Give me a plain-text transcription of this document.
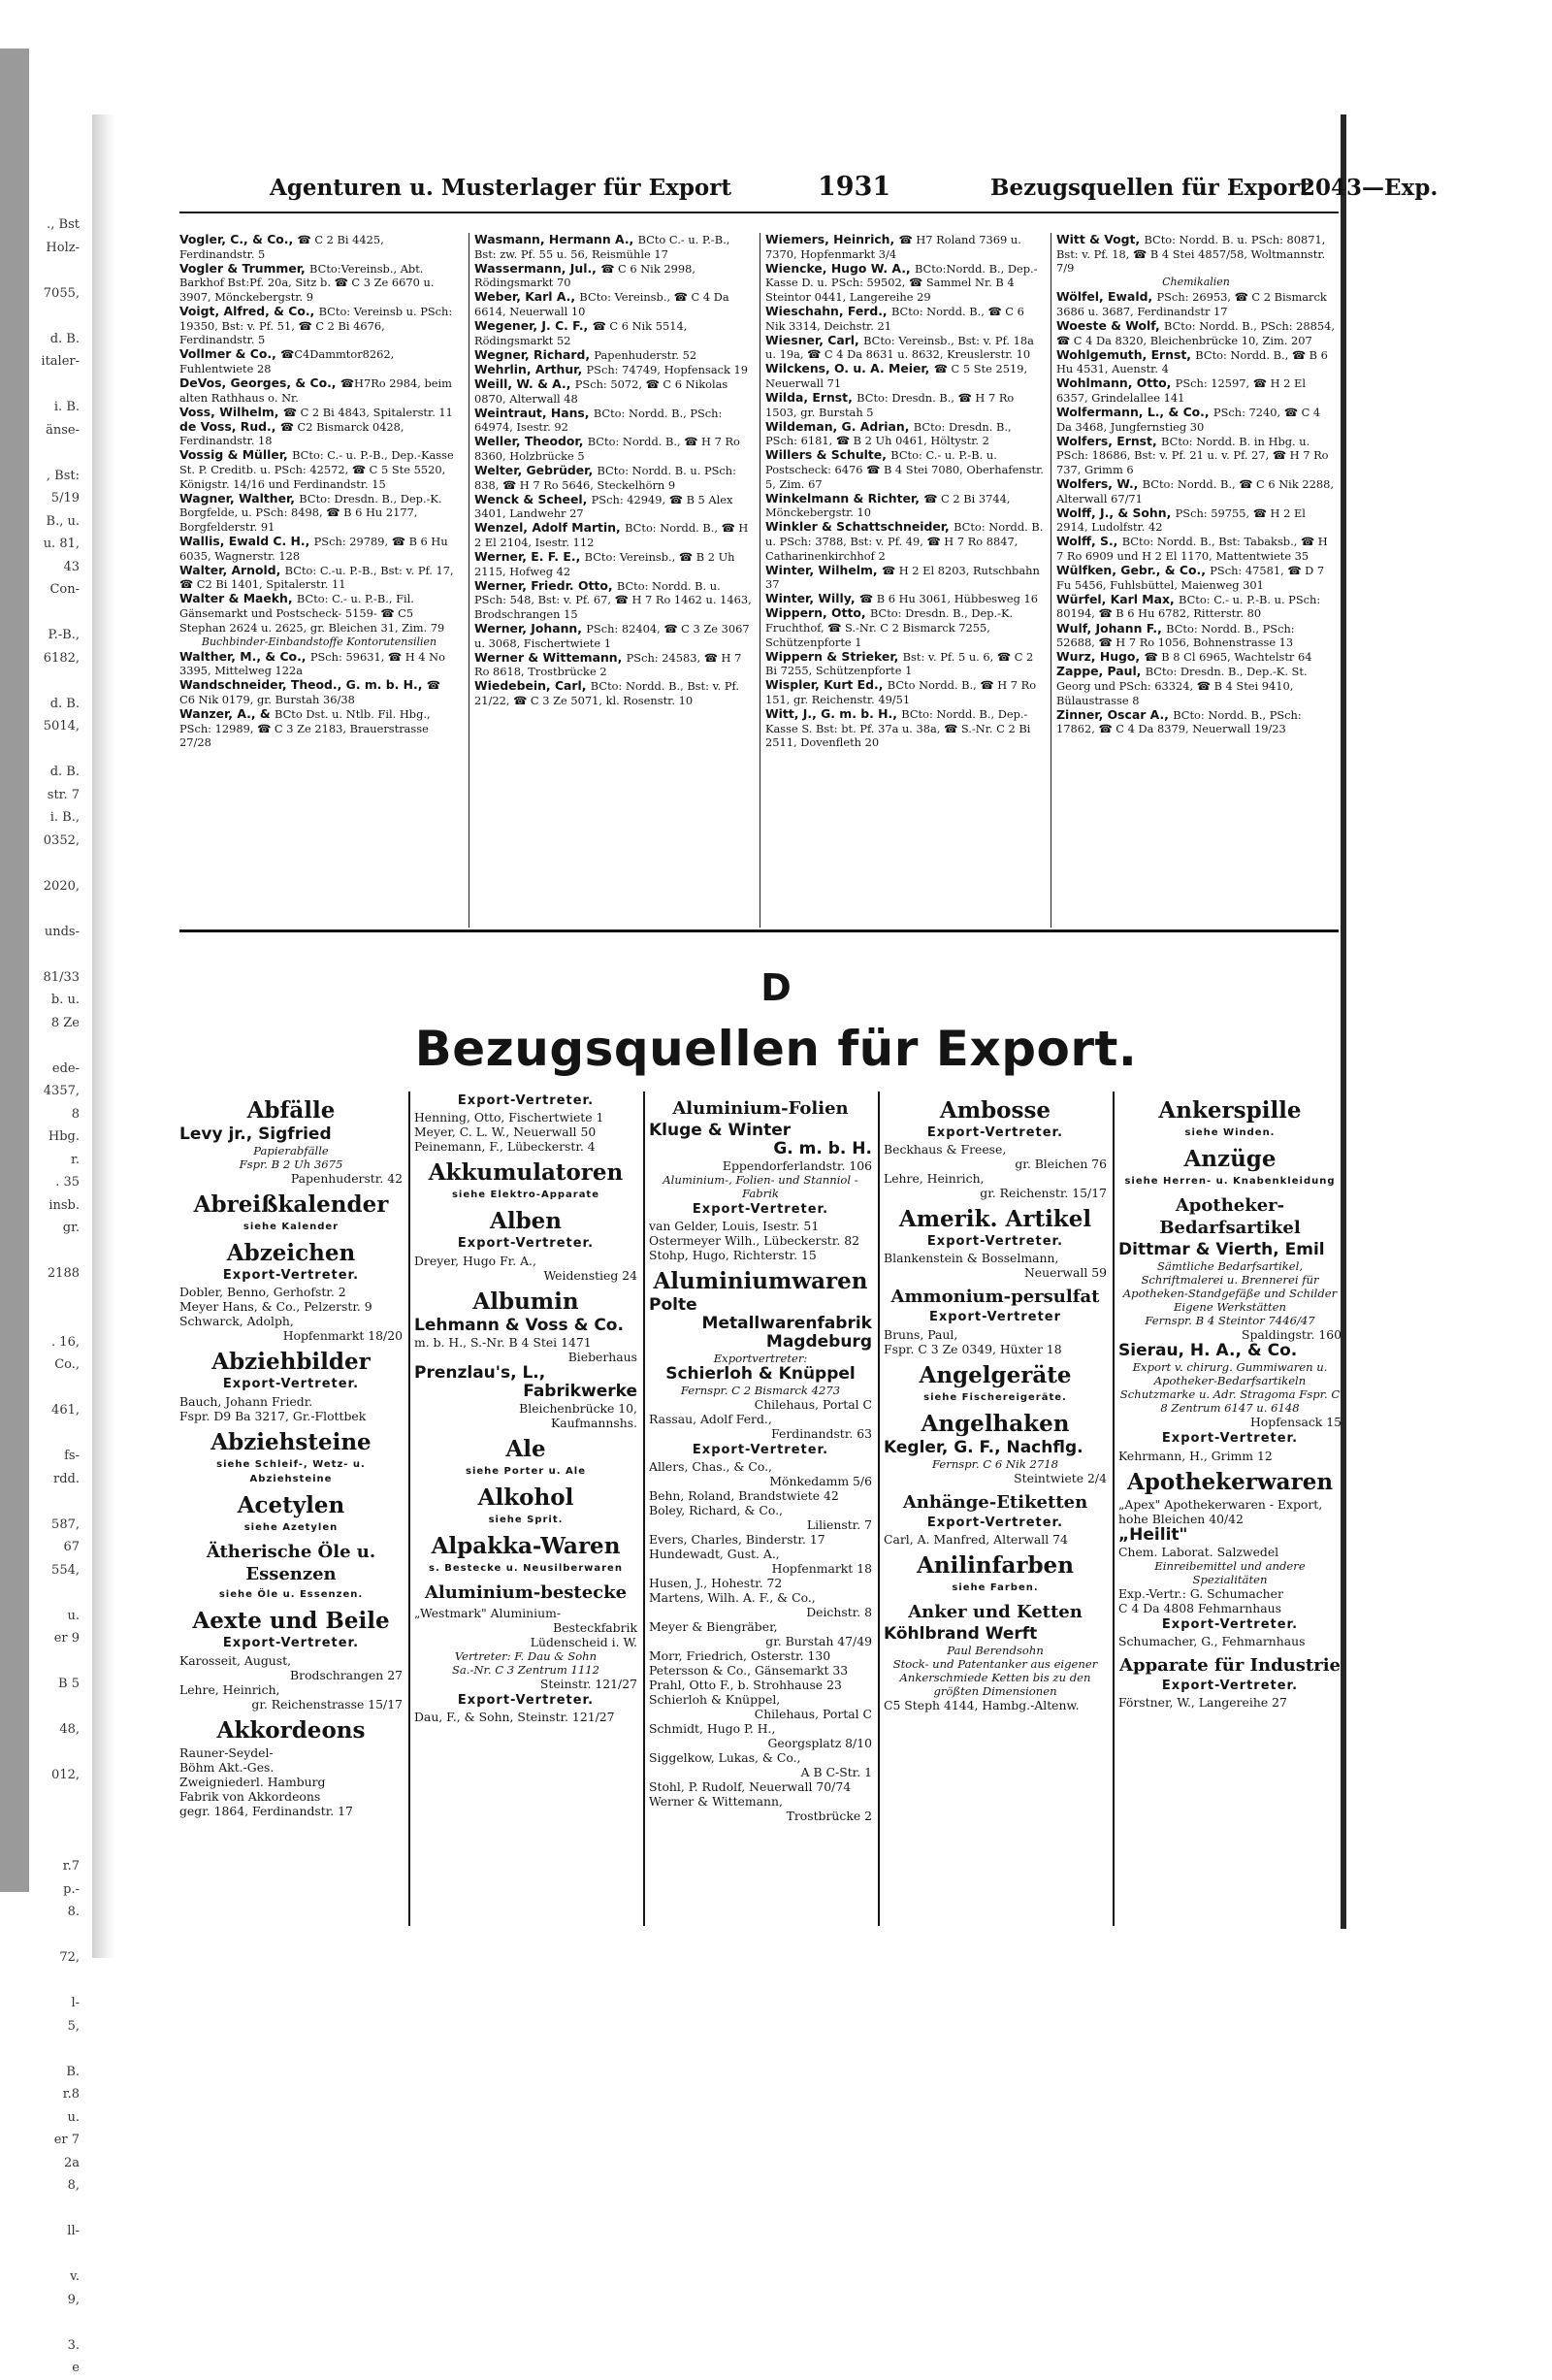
., Bst
Holz-

7055,

d. B.
italer-

i. B.
änse-

, Bst:
5/19
B., u.
u. 81,
43
Con-

P.-B.,
6182,

d. B.
5014,

d. B.
str. 7
i. B.,
0352,

2020,

unds-

81/33
b. u.
8 Ze

ede-
4357,
8
Hbg.
r.
. 35
insb.
gr.

2188

. 16,
Co.,

461,

fs-
rdd.

587,
67
554,

u.
er 9

B 5

48,

012,

r.7
p.-
8.

72,

l-
5,

B.
r.8
u.
er 7
2a
8,

ll-

v.
9,

3.
e
Agenturen u. Musterlager für Export	1931	Bezugsquellen für Export
2043—Exp.
Vogler, C., & Co., ☎ C 2 Bi 4425, Ferdinandstr. 5
Vogler & Trummer, BCto:Vereinsb., Abt. Barkhof Bst:Pf. 20a, Sitz b. ☎ C 3 Ze 6670 u. 3907, Mönckebergstr. 9
Voigt, Alfred, & Co., BCto: Vereinsb u. PSch: 19350, Bst: v. Pf. 51, ☎ C 2 Bi 4676, Ferdinandstr. 5
Vollmer & Co., ☎C4Dammtor8262, Fuhlentwiete 28
DeVos, Georges, & Co., ☎H7Ro 2984, beim alten Rathhaus o. Nr.
Voss, Wilhelm, ☎ C 2 Bi 4843, Spitalerstr. 11
de Voss, Rud., ☎ C2 Bismarck 0428, Ferdinandstr. 18
Vossig & Müller, BCto: C.- u. P.-B., Dep.-Kasse St. P. Creditb. u. PSch: 42572, ☎ C 5 Ste 5520, Königstr. 14/16 und Ferdinandstr. 15
Wagner, Walther, BCto: Dresdn. B., Dep.-K. Borgfelde, u. PSch: 8498, ☎ B 6 Hu 2177, Borgfelderstr. 91
Wallis, Ewald C. H., PSch: 29789, ☎ B 6 Hu 6035, Wagnerstr. 128
Walter, Arnold, BCto: C.-u. P.-B., Bst: v. Pf. 17, ☎ C2 Bi 1401, Spitalerstr. 11
Walter & Maekh, BCto: C.- u. P.-B., Fil. Gänsemarkt und Postscheck- 5159- ☎ C5 Stephan 2624 u. 2625, gr. Bleichen 31, Zim. 79
Buchbinder-Einbandstoffe Kontorutensilien
Walther, M., & Co., PSch: 59631, ☎ H 4 No 3395, Mittelweg 122a
Wandschneider, Theod., G. m. b. H., ☎ C6 Nik 0179, gr. Burstah 36/38
Wanzer, A., & BCto Dst. u. Ntlb. Fil. Hbg., PSch: 12989, ☎ C 3 Ze 2183, Brauerstrasse 27/28
Wasmann, Hermann A., BCto C.- u. P.-B., Bst: zw. Pf. 55 u. 56, Reismühle 17
Wassermann, Jul., ☎ C 6 Nik 2998, Rödingsmarkt 70
Weber, Karl A., BCto: Vereinsb., ☎ C 4 Da 6614, Neuerwall 10
Wegener, J. C. F., ☎ C 6 Nik 5514, Rödingsmarkt 52
Wegner, Richard, Papenhuderstr. 52
Wehrlin, Arthur, PSch: 74749, Hopfensack 19
Weill, W. & A., PSch: 5072, ☎ C 6 Nikolas 0870, Alterwall 48
Weintraut, Hans, BCto: Nordd. B., PSch: 64974, Isestr. 92
Weller, Theodor, BCto: Nordd. B., ☎ H 7 Ro 8360, Holzbrücke 5
Welter, Gebrüder, BCto: Nordd. B. u. PSch: 838, ☎ H 7 Ro 5646, Steckelhörn 9
Wenck & Scheel, PSch: 42949, ☎ B 5 Alex 3401, Landwehr 27
Wenzel, Adolf Martin, BCto: Nordd. B., ☎ H 2 El 2104, Isestr. 112
Werner, E. F. E., BCto: Vereinsb., ☎ B 2 Uh 2115, Hofweg 42
Werner, Friedr. Otto, BCto: Nordd. B. u. PSch: 548, Bst: v. Pf. 67, ☎ H 7 Ro 1462 u. 1463, Brodschrangen 15
Werner, Johann, PSch: 82404, ☎ C 3 Ze 3067 u. 3068, Fischertwiete 1
Werner & Wittemann, PSch: 24583, ☎ H 7 Ro 8618, Trostbrücke 2
Wiedebein, Carl, BCto: Nordd. B., Bst: v. Pf. 21/22, ☎ C 3 Ze 5071, kl. Rosenstr. 10
Wiemers, Heinrich, ☎ H7 Roland 7369 u. 7370, Hopfenmarkt 3/4
Wiencke, Hugo W. A., BCto:Nordd. B., Dep.-Kasse D. u. PSch: 59502, ☎ Sammel Nr. B 4 Steintor 0441, Langereihe 29
Wieschahn, Ferd., BCto: Nordd. B., ☎ C 6 Nik 3314, Deichstr. 21
Wiesner, Carl, BCto: Vereinsb., Bst: v. Pf. 18a u. 19a, ☎ C 4 Da 8631 u. 8632, Kreuslerstr. 10
Wilckens, O. u. A. Meier, ☎ C 5 Ste 2519, Neuerwall 71
Wilda, Ernst, BCto: Dresdn. B., ☎ H 7 Ro 1503, gr. Burstah 5
Wildeman, G. Adrian, BCto: Dresdn. B., PSch: 6181, ☎ B 2 Uh 0461, Höltystr. 2
Willers & Schulte, BCto: C.- u. P.-B. u. Postscheck: 6476 ☎ B 4 Stei 7080, Oberhafenstr. 5, Zim. 67
Winkelmann & Richter, ☎ C 2 Bi 3744, Mönckebergstr. 10
Winkler & Schattschneider, BCto: Nordd. B. u. PSch: 3788, Bst: v. Pf. 49, ☎ H 7 Ro 8847, Catharinenkirchhof 2
Winter, Wilhelm, ☎ H 2 El 8203, Rutschbahn 37
Winter, Willy, ☎ B 6 Hu 3061, Hübbesweg 16
Wippern, Otto, BCto: Dresdn. B., Dep.-K. Fruchthof, ☎ S.-Nr. C 2 Bismarck 7255, Schützenpforte 1
Wippern & Strieker, Bst: v. Pf. 5 u. 6, ☎ C 2 Bi 7255, Schützenpforte 1
Wispler, Kurt Ed., BCto Nordd. B., ☎ H 7 Ro 151, gr. Reichenstr. 49/51
Witt, J., G. m. b. H., BCto: Nordd. B., Dep.-Kasse S. Bst: bt. Pf. 37a u. 38a, ☎ S.-Nr. C 2 Bi 2511, Dovenfleth 20
Witt & Vogt, BCto: Nordd. B. u. PSch: 80871, Bst: v. Pf. 18, ☎ B 4 Stei 4857/58, Woltmannstr. 7/9
Chemikalien
Wölfel, Ewald, PSch: 26953, ☎ C 2 Bismarck 3686 u. 3687, Ferdinandstr 17
Woeste & Wolf, BCto: Nordd. B., PSch: 28854, ☎ C 4 Da 8320, Bleichenbrücke 10, Zim. 207
Wohlgemuth, Ernst, BCto: Nordd. B., ☎ B 6 Hu 4531, Auenstr. 4
Wohlmann, Otto, PSch: 12597, ☎ H 2 El 6357, Grindelallee 141
Wolfermann, L., & Co., PSch: 7240, ☎ C 4 Da 3468, Jungfernstieg 30
Wolfers, Ernst, BCto: Nordd. B. in Hbg. u. PSch: 18686, Bst: v. Pf. 21 u. v. Pf. 27, ☎ H 7 Ro 737, Grimm 6
Wolfers, W., BCto: Nordd. B., ☎ C 6 Nik 2288, Alterwall 67/71
Wolff, J., & Sohn, PSch: 59755, ☎ H 2 El 2914, Ludolfstr. 42
Wolff, S., BCto: Nordd. B., Bst: Tabaksb., ☎ H 7 Ro 6909 und H 2 El 1170, Mattentwiete 35
Wülfken, Gebr., & Co., PSch: 47581, ☎ D 7 Fu 5456, Fuhlsbüttel, Maienweg 301
Würfel, Karl Max, BCto: C.- u. P.-B. u. PSch: 80194, ☎ B 6 Hu 6782, Ritterstr. 80
Wulf, Johann F., BCto: Nordd. B., PSch: 52688, ☎ H 7 Ro 1056, Bohnenstrasse 13
Wurz, Hugo, ☎ B 8 Cl 6965, Wachtelstr 64
Zappe, Paul, BCto: Dresdn. B., Dep.-K. St. Georg und PSch: 63324, ☎ B 4 Stei 9410, Bülaustrasse 8
Zinner, Oscar A., BCto: Nordd. B., PSch: 17862, ☎ C 4 Da 8379, Neuerwall 19/23
D
Bezugsquellen für Export.
Abfälle
Levy jr., Sigfried
Papierabfälle
Fspr. B 2 Uh 3675
Papenhuderstr. 42
Abreißkalender
siehe Kalender
Abzeichen
Export-Vertreter.
Dobler, Benno, Gerhofstr. 2
Meyer Hans, & Co., Pelzerstr. 9
Schwarck, Adolph,
Hopfenmarkt 18/20
Abziehbilder
Export-Vertreter.
Bauch, Johann Friedr.
Fspr. D9 Ba 3217, Gr.-Flottbek
Abziehsteine
siehe Schleif-, Wetz- u. Abziehsteine
Acetylen
siehe Azetylen
Ätherische Öle u. Essenzen
siehe Öle u. Essenzen.
Aexte und Beile
Export-Vertreter.
Karosseit, August,
Brodschrangen 27
Lehre, Heinrich,
gr. Reichenstrasse 15/17
Akkordeons
Rauner-Seydel-
Böhm Akt.-Ges.
Zweigniederl. Hamburg
Fabrik von Akkordeons
gegr. 1864, Ferdinandstr. 17
Export-Vertreter.
Henning, Otto, Fischertwiete 1
Meyer, C. L. W., Neuerwall 50
Peinemann, F., Lübeckerstr. 4
Akkumulatoren
siehe Elektro-Apparate
Alben
Export-Vertreter.
Dreyer, Hugo Fr. A.,
Weidenstieg 24
Albumin
Lehmann & Voss & Co.
m. b. H., S.-Nr. B 4 Stei 1471
Bieberhaus
Prenzlau's, L.,
Fabrikwerke
Bleichenbrücke 10,
Kaufmannshs.
Ale
siehe Porter u. Ale
Alkohol
siehe Sprit.
Alpakka-Waren
s. Bestecke u. Neusilberwaren
Aluminium-bestecke
„Westmark" Aluminium-
Besteckfabrik
Lüdenscheid i. W.
Vertreter: F. Dau & Sohn
Sa.-Nr. C 3 Zentrum 1112
Steinstr. 121/27
Export-Vertreter.
Dau, F., & Sohn, Steinstr. 121/27
Aluminium-Folien
Kluge & Winter
G. m. b. H.
Eppendorferlandstr. 106
Aluminium-, Folien- und Stanniol - Fabrik
Export-Vertreter.
van Gelder, Louis, Isestr. 51
Ostermeyer Wilh., Lübeckerstr. 82
Stohp, Hugo, Richterstr. 15
Aluminiumwaren
Polte
Metallwarenfabrik
Magdeburg
Exportvertreter:
Schierloh & Knüppel
Fernspr. C 2 Bismarck 4273
Chilehaus, Portal C
Rassau, Adolf Ferd.,
Ferdinandstr. 63
Export-Vertreter.
Allers, Chas., & Co.,
Mönkedamm 5/6
Behn, Roland, Brandstwiete 42
Boley, Richard, & Co.,
Lilienstr. 7
Evers, Charles, Binderstr. 17
Hundewadt, Gust. A.,
Hopfenmarkt 18
Husen, J., Hohestr. 72
Martens, Wilh. A. F., & Co.,
Deichstr. 8
Meyer & Biengräber,
gr. Burstah 47/49
Morr, Friedrich, Osterstr. 130
Petersson & Co., Gänsemarkt 33
Prahl, Otto F., b. Strohhause 23
Schierloh & Knüppel,
Chilehaus, Portal C
Schmidt, Hugo P. H.,
Georgsplatz 8/10
Siggelkow, Lukas, & Co.,
A B C-Str. 1
Stohl, P. Rudolf, Neuerwall 70/74
Werner & Wittemann,
Trostbrücke 2
Ambosse
Export-Vertreter.
Beckhaus & Freese,
gr. Bleichen 76
Lehre, Heinrich,
gr. Reichenstr. 15/17
Amerik. Artikel
Export-Vertreter.
Blankenstein & Bosselmann,
Neuerwall 59
Ammonium-persulfat
Export-Vertreter
Bruns, Paul,
Fspr. C 3 Ze 0349, Hüxter 18
Angelgeräte
siehe Fischereigeräte.
Angelhaken
Kegler, G. F., Nachflg.
Fernspr. C 6 Nik 2718
Steintwiete 2/4
Anhänge-Etiketten
Export-Vertreter.
Carl, A. Manfred, Alterwall 74
Anilinfarben
siehe Farben.
Anker und Ketten
Köhlbrand Werft
Paul Berendsohn
Stock- und Patentanker aus eigener Ankerschmiede Ketten bis zu den größten Dimensionen
C5 Steph 4144, Hambg.-Altenw.
Ankerspille
siehe Winden.
Anzüge
siehe Herren- u. Knabenkleidung
Apotheker-Bedarfsartikel
Dittmar & Vierth, Emil
Sämtliche Bedarfsartikel, Schriftmalerei u. Brennerei für Apotheken-Standgefäße und Schilder Eigene Werkstätten
Fernspr. B 4 Steintor 7446/47
Spaldingstr. 160
Sierau, H. A., & Co.
Export v. chirurg. Gummiwaren u. Apotheker-Bedarfsartikeln Schutzmarke u. Adr. Stragoma Fspr. C 8 Zentrum 6147 u. 6148
Hopfensack 15
Export-Vertreter.
Kehrmann, H., Grimm 12
Apothekerwaren
„Apex" Apothekerwaren - Export, hohe Bleichen 40/42
„Heilit"
Chem. Laborat. Salzwedel
Einreibemittel und andere Spezialitäten
Exp.-Vertr.: G. Schumacher
C 4 Da 4808 Fehmarnhaus
Export-Vertreter.
Schumacher, G., Fehmarnhaus
Apparate für Industrie
Export-Vertreter.
Förstner, W., Langereihe 27
